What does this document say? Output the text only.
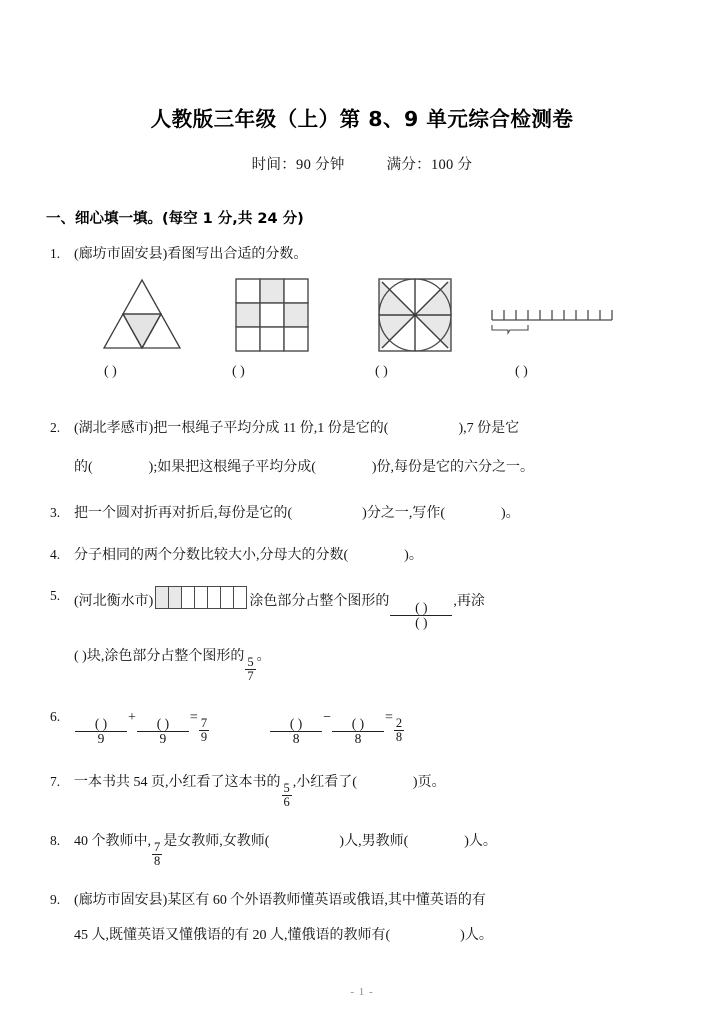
人教版三年级（上）第 8、9 单元综合检测卷

时间：90 分钟	满分：100 分

一、细心填一填。(每空 1 分,共 24 分)
1. (廊坊市固安县)看图写出合适的分数。
( )	( )	( )	( )
2. (湖北孝感市)把一根绳子平均分成 11 份,1 份是它的(	),7 份是它
的(	);如果把这根绳子平均分成(	)份,每份是它的六分之一。
3. 把一个圆对折再对折后,每份是它的(	)分之一,写作(	)。
4. 分子相同的两个分数比较大小,分母大的分数(	)。
5. (河北衡水市)
							涂色部分占整个图形的 $\frac{( )}{( )}$ ,再涂
( )块,涂色部分占整个图形的 $\frac{5}{7}$ 。
6.
$\frac{( )}{9} + \frac{( )}{9} = \frac{7}{9}$
	$\frac{( )}{8} - \frac{( )}{8} = \frac{2}{8}$
7. 一本书共 54 页,小红看了这本书的 $\frac{5}{6}$ ,小红看了(	)页。
8. 40 个教师中, $\frac{7}{8}$ 是女教师,女教师(	)人,男教师(	)人。
9. (廊坊市固安县)某区有 60 个外语教师懂英语或俄语,其中懂英语的有
45 人,既懂英语又懂俄语的有 20 人,懂俄语的教师有(	)人。
- 1 -
